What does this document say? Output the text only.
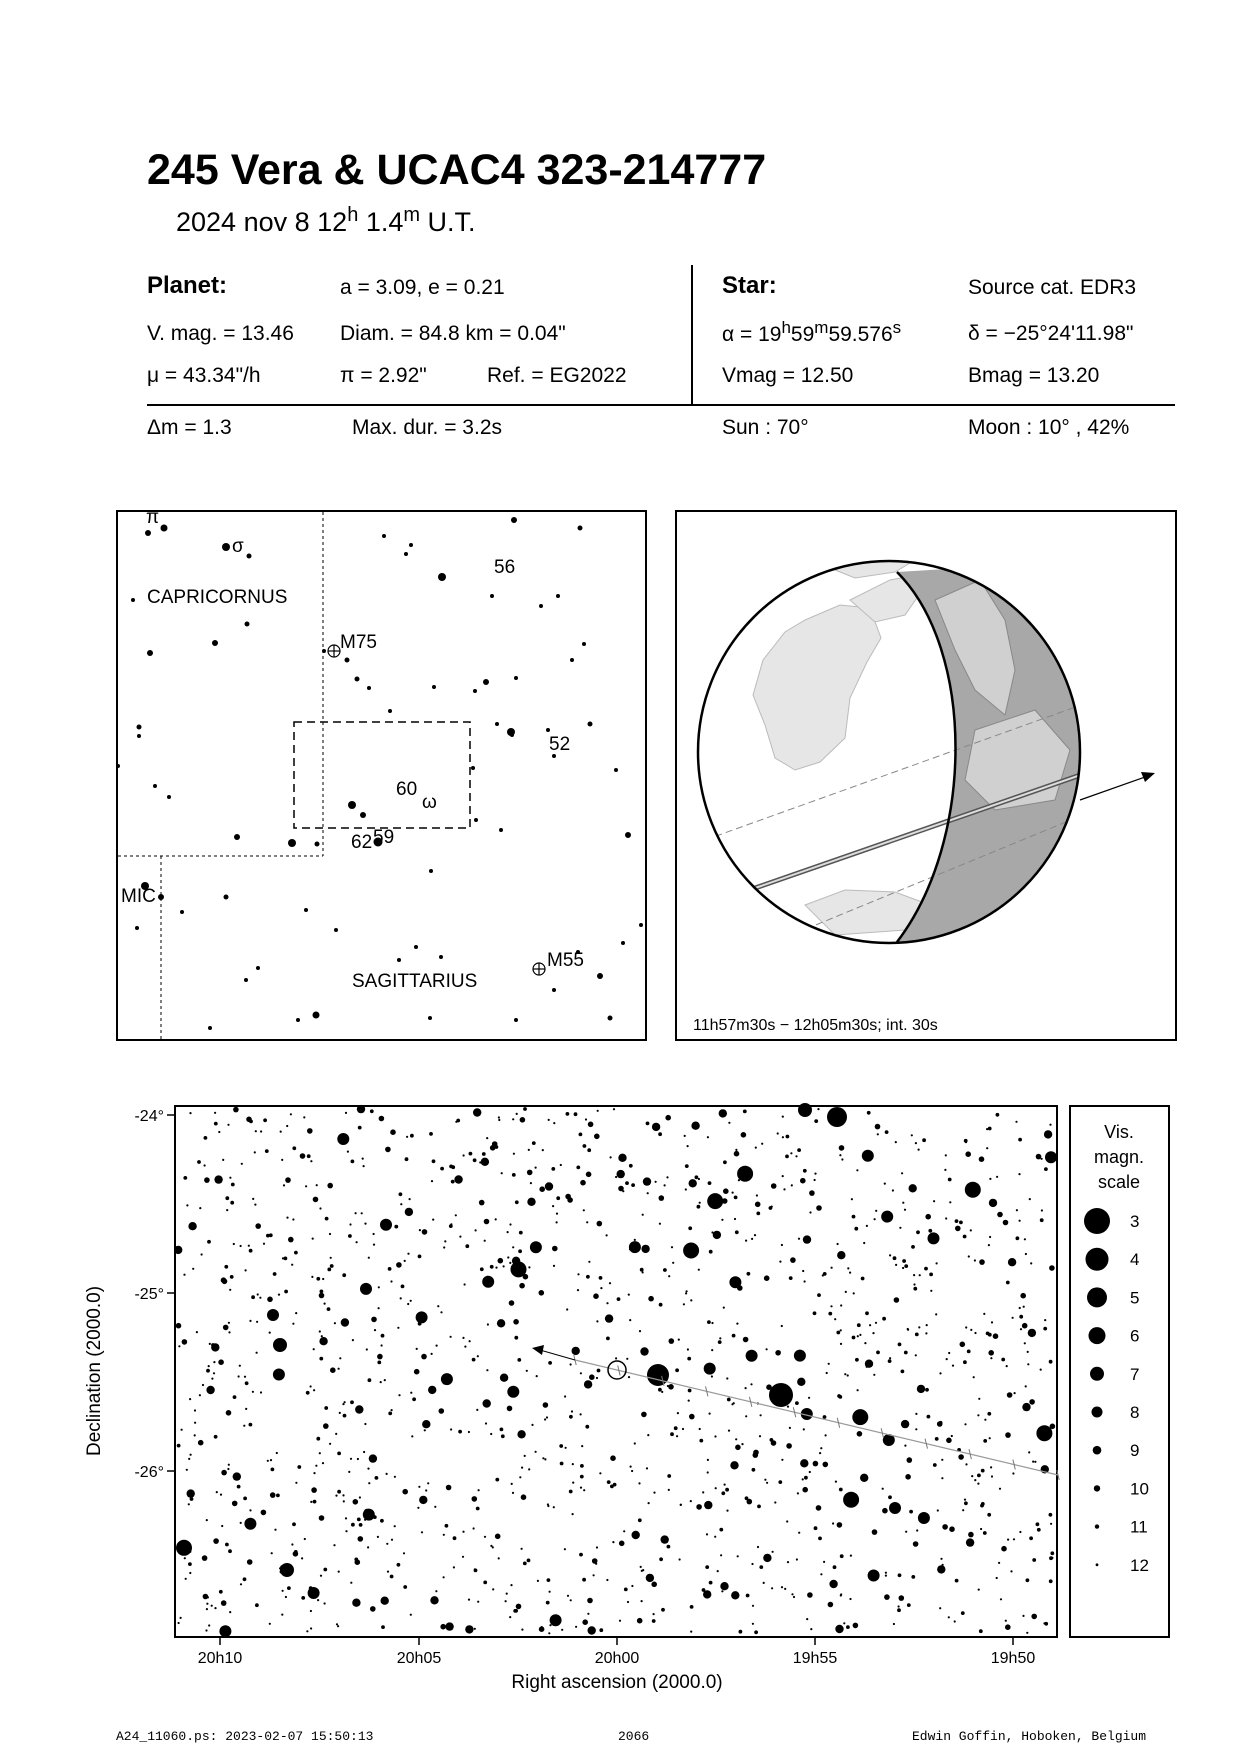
245 Vera & UCAC4 323-214777
2024 nov 8 12$^h$ 1.4$^m$ U.T.
Planet:	a = 3.09, e = 0.21
V. mag. = 13.46 Diam. = 84.8 km = 0.04"
μ = 43.34"/h	π = 2.92"	Ref. = EG2022
Star:	Source cat. EDR3
$\alpha = 19^h59^m59.576^s$	δ = −25°24'11.98"
Vmag = 12.50	Bmag = 13.20
Δm = 1.3	Max. dur. = 3.2s	Sun : 70°	Moon : 10° , 42%
CAPRICORNUS
MIC
SAGITTARIUS
M75
M55
π
σ
56
52
60
ω
62 59
11h57m30s − 12h05m30s; int. 30s
-24°
-25°
-26°
20h10	20h05	20h00	19h55	19h50
Right ascension (2000.0)
Declination (2000.0)
Vis.
magn.
scale
3
4
5
6
7
8
9
10
11
12
A24_11060.ps: 2023-02-07 15:50:13	2066	Edwin Goffin, Hoboken, Belgium
